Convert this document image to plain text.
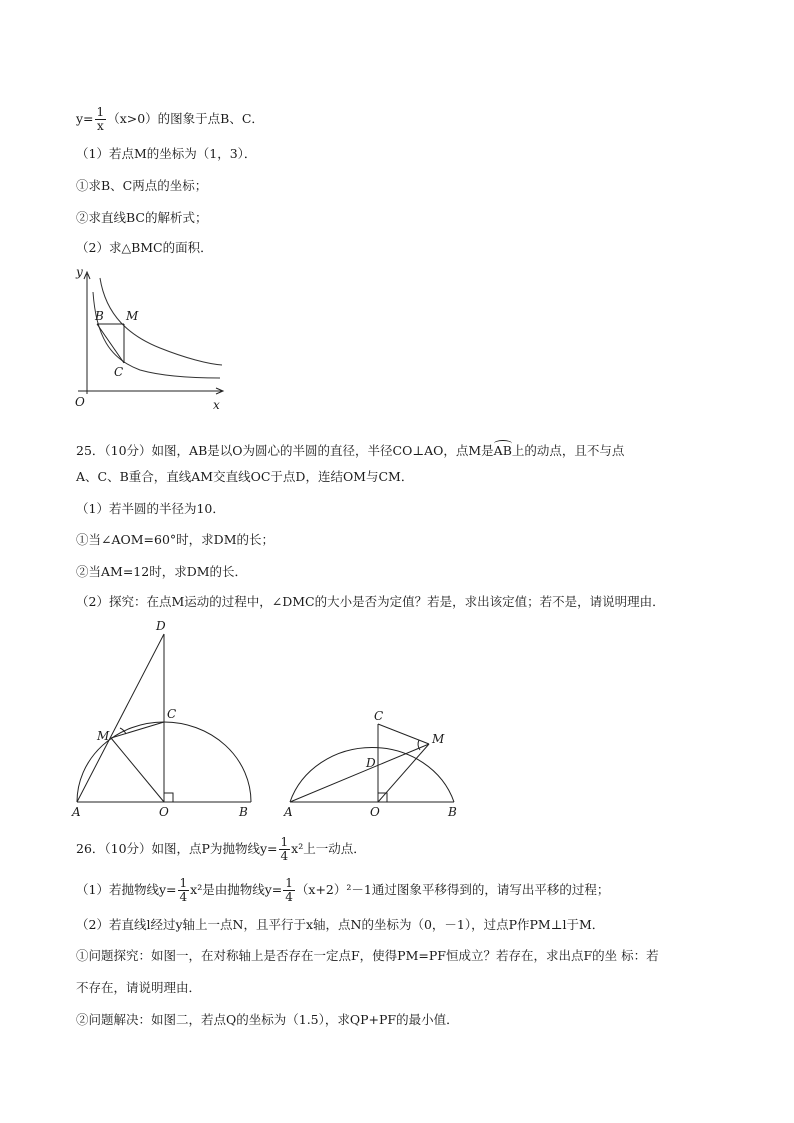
$y= \frac{1}{x} (x>0)$的图象于点B、C．
（1）若点M的坐标为（1，3）．
①求B、C两点的坐标；
②求直线BC的解析式；
（2）求△BMC的面积．
y
x
O
B M
C
25．（10分）如图，AB是以O为圆心的半圆的直径，半径CO⊥AO，点M是AB上的动点，且不与点
A、C、B重合，直线AM交直线OC于点D，连结OM与CM．
（1）若半圆的半径为10．
①当∠AOM=60°时，求DM的长；
②当AM=12时，求DM的长．
（2）探究：在点M运动的过程中，∠DMC的大小是否为定值？若是，求出该定值；若不是，请说明理由．
D
C
M
A	O	B
C
M
D
A	O	B
26．（10分）如图，点P为抛物线$y= \frac{1}{4} x^2$上一动点．
（1）若抛物线$y= \frac{1}{4} x^2$是由抛物线$y= \frac{1}{4} (x+2)^2-1$通过图象平移得到的，请写出平移的过程；
（2）若直线l经过y轴上一点N，且平行于x轴，点N的坐标为（0，－1），过点P作PM⊥l于M．
①问题探究：如图一，在对称轴上是否存在一定点F，使得PM=PF恒成立？若存在，求出点F的坐 标：若
不存在，请说明理由．
②问题解决：如图二，若点Q的坐标为（1.5），求QP+PF的最小值．
